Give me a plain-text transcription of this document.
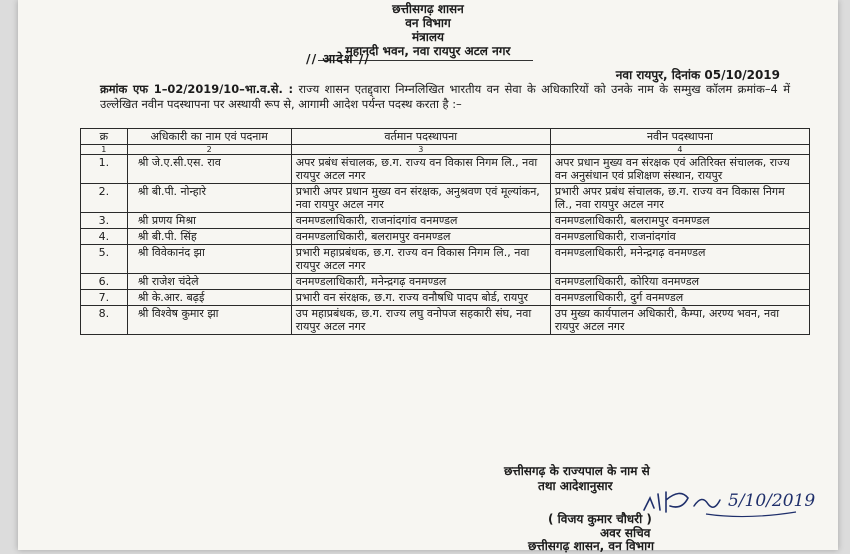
छत्तीसगढ़ शासन
वन विभाग
मंत्रालय
महानदी भवन, नवा रायपुर अटल नगर
// आदेश //
नवा रायपुर, दिनांक 05/10/2019
क्रमांक एफ 1–02/2019/10–भा.व.से. : राज्य शासन एतद्द्वारा निम्नलिखित भारतीय वन सेवा के अधिकारियों को उनके नाम के सम्मुख कॉलम क्रमांक–4 में उल्लेखित नवीन पदस्थापना पर अस्थायी रूप से, आगामी आदेश पर्यन्त पदस्थ करता है :–
क्र	अधिकारी का नाम एवं पदनाम	वर्तमान पदस्थापना	नवीन पदस्थापना
1	2	3	4
1.	श्री जे.ए.सी.एस. राव	अपर प्रबंध संचालक, छ.ग. राज्य वन विकास निगम लि., नवा रायपुर अटल नगर	अपर प्रधान मुख्य वन संरक्षक एवं अतिरिक्त संचालक, राज्य वन अनुसंधान एवं प्रशिक्षण संस्थान, रायपुर
2.	श्री बी.पी. नोन्हारे	प्रभारी अपर प्रधान मुख्य वन संरक्षक, अनुश्रवण एवं मूल्यांकन, नवा रायपुर अटल नगर	प्रभारी अपर प्रबंध संचालक, छ.ग. राज्य वन विकास निगम लि., नवा रायपुर अटल नगर
3.	श्री प्रणय मिश्रा	वनमण्डलाधिकारी, राजनांदगांव वनमण्डल	वनमण्डलाधिकारी, बलरामपुर वनमण्डल
4.	श्री बी.पी. सिंह	वनमण्डलाधिकारी, बलरामपुर वनमण्डल	वनमण्डलाधिकारी, राजनांदगांव
5.	श्री विवेकानंद झा	प्रभारी महाप्रबंधक, छ.ग. राज्य वन विकास निगम लि., नवा रायपुर अटल नगर	वनमण्डलाधिकारी, मनेन्द्रगढ़ वनमण्डल
6.	श्री राजेश चंदेले	वनमण्डलाधिकारी, मनेन्द्रगढ़ वनमण्डल	वनमण्डलाधिकारी, कोरिया वनमण्डल
7.	श्री के.आर. बढ़ई	प्रभारी वन संरक्षक, छ.ग. राज्य वनौषधि पादप बोर्ड, रायपुर	वनमण्डलाधिकारी, दुर्ग वनमण्डल
8.	श्री विश्वेष कुमार झा	उप महाप्रबंधक, छ.ग. राज्य लघु वनोपज सहकारी संघ, नवा रायपुर अटल नगर	उप मुख्य कार्यपालन अधिकारी, कैम्पा, अरण्य भवन, नवा रायपुर अटल नगर
छत्तीसगढ़ के राज्यपाल के नाम से
तथा आदेशानुसार
5/10/2019
( विजय कुमार चौधरी )
अवर सचिव
छत्तीसगढ़ शासन, वन विभाग
